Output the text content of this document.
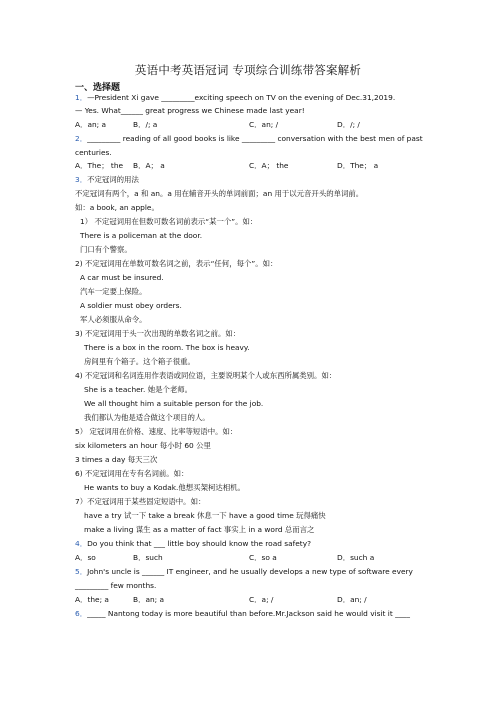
英语中考英语冠词 专项综合训练带答案解析
一、选择题
1．—President Xi gave _________exciting speech on TV on the evening of Dec.31,2019.
— Yes. What______ great progress we Chinese made last year!
A．an; a	B．/; a	C．an; /	D．/; /
2．_________ reading of all good books is like _________ conversation with the best men of past
centuries.
A．The； the B．A； a	C．A； the	D．The； a
3．不定冠词的用法
不定冠词有两个，a 和 an。a 用在辅音开头的单词前面；an 用于以元音开头的单词前。
如：a book, an apple。
1） 不定冠词用在但数可数名词前表示“某一个”。如：
There is a policeman at the door.
门口有个警察。
2) 不定冠词用在单数可数名词之前，表示“任何，每个”。如：
A car must be insured.
汽车一定要上保险。
A soldier must obey orders.
军人必须服从命令。
3) 不定冠词用于头一次出现的单数名词之前。如：
There is a box in the room. The box is heavy.
房间里有个箱子。这个箱子很重。
4) 不定冠词和名词连用作表语或同位语，主要说明某个人或东西所属类别。如：
She is a teacher. 她是个老师。
We all thought him a suitable person for the job.
我们都认为他是适合做这个项目的人。
5） 定冠词用在价格、速度、比率等短语中。如：
six kilometers an hour 每小时 60 公里
3 times a day 每天三次
6) 不定冠词用在专有名词前。如：
He wants to buy a Kodak.他想买架柯达相机。
7）不定冠词用于某些固定短语中。如：
have a try 试一下 take a break 休息一下 have a good time 玩得痛快
make a living 谋生 as a matter of fact 事实上 in a word 总而言之
4．Do you think that ___ little boy should know the road safety?
A．so	B．such	C．so a	D．such a
5．John's uncle is ______ IT engineer, and he usually develops a new type of software every
_________ few months.
A．the; a	B．an; a	C．a; /	D．an; /
6．_____ Nantong today is more beautiful than before.Mr.Jackson said he would visit it ____
